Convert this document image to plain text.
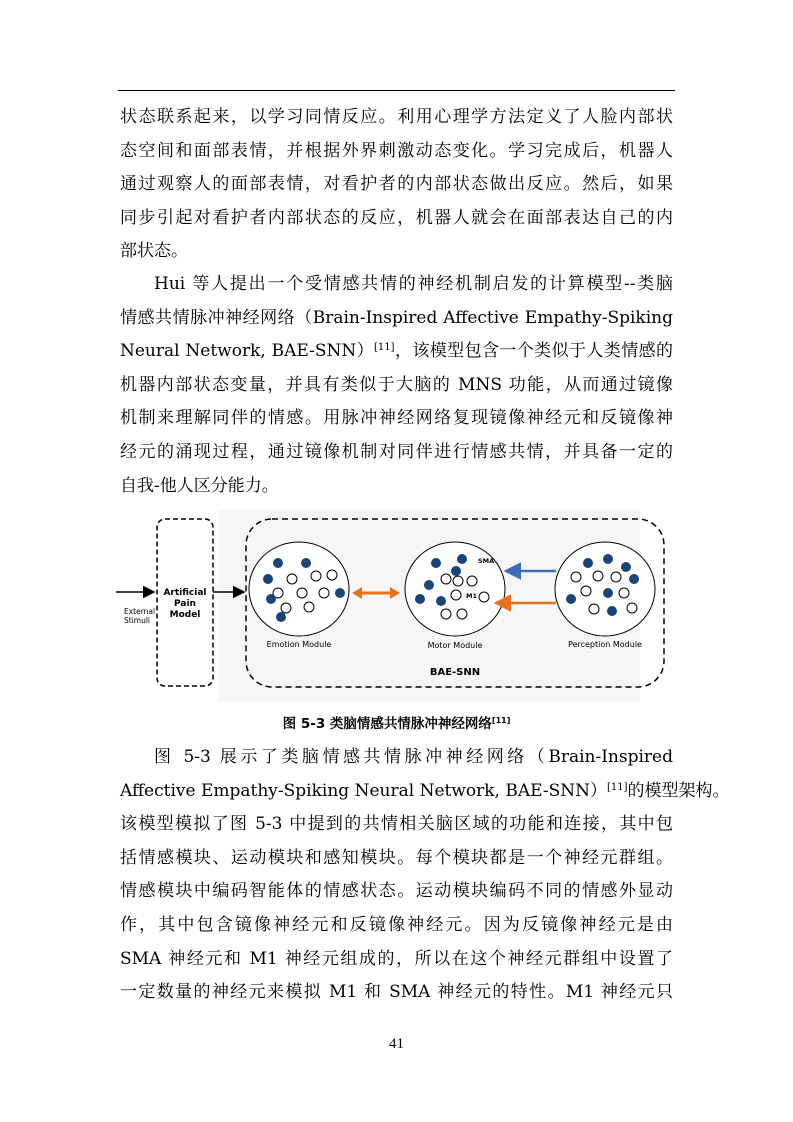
状态联系起来，以学习同情反应。利用心理学方法定义了人脸内部状
态空间和面部表情，并根据外界刺激动态变化。学习完成后，机器人
通过观察人的面部表情，对看护者的内部状态做出反应。然后，如果
同步引起对看护者内部状态的反应，机器人就会在面部表达自己的内
部状态。
Hui 等人提出一个受情感共情的神经机制启发的计算模型--类脑
情感共情脉冲神经网络（Brain-Inspired Affective Empathy-Spiking
Neural Network, BAE-SNN）[11]，该模型包含一个类似于人类情感的
机器内部状态变量，并具有类似于大脑的 MNS 功能，从而通过镜像
机制来理解同伴的情感。用脉冲神经网络复现镜像神经元和反镜像神
经元的涌现过程，通过镜像机制对同伴进行情感共情，并具备一定的
自我-他人区分能力。
External
Stimuli
Artificial
Pain
Model
BAE-SNN
Emotion Module
SMA
M1
Motor Module	Perception Module
图 5-3 类脑情感共情脉冲神经网络[11]
图 5-3 展示了类脑情感共情脉冲神经网络（Brain-Inspired
Affective Empathy-Spiking Neural Network, BAE-SNN）[11]的模型架构。
该模型模拟了图 5-3 中提到的共情相关脑区域的功能和连接，其中包
括情感模块、运动模块和感知模块。每个模块都是一个神经元群组。
情感模块中编码智能体的情感状态。运动模块编码不同的情感外显动
作，其中包含镜像神经元和反镜像神经元。因为反镜像神经元是由
SMA 神经元和 M1 神经元组成的，所以在这个神经元群组中设置了
一定数量的神经元来模拟 M1 和 SMA 神经元的特性。M1 神经元只
41
